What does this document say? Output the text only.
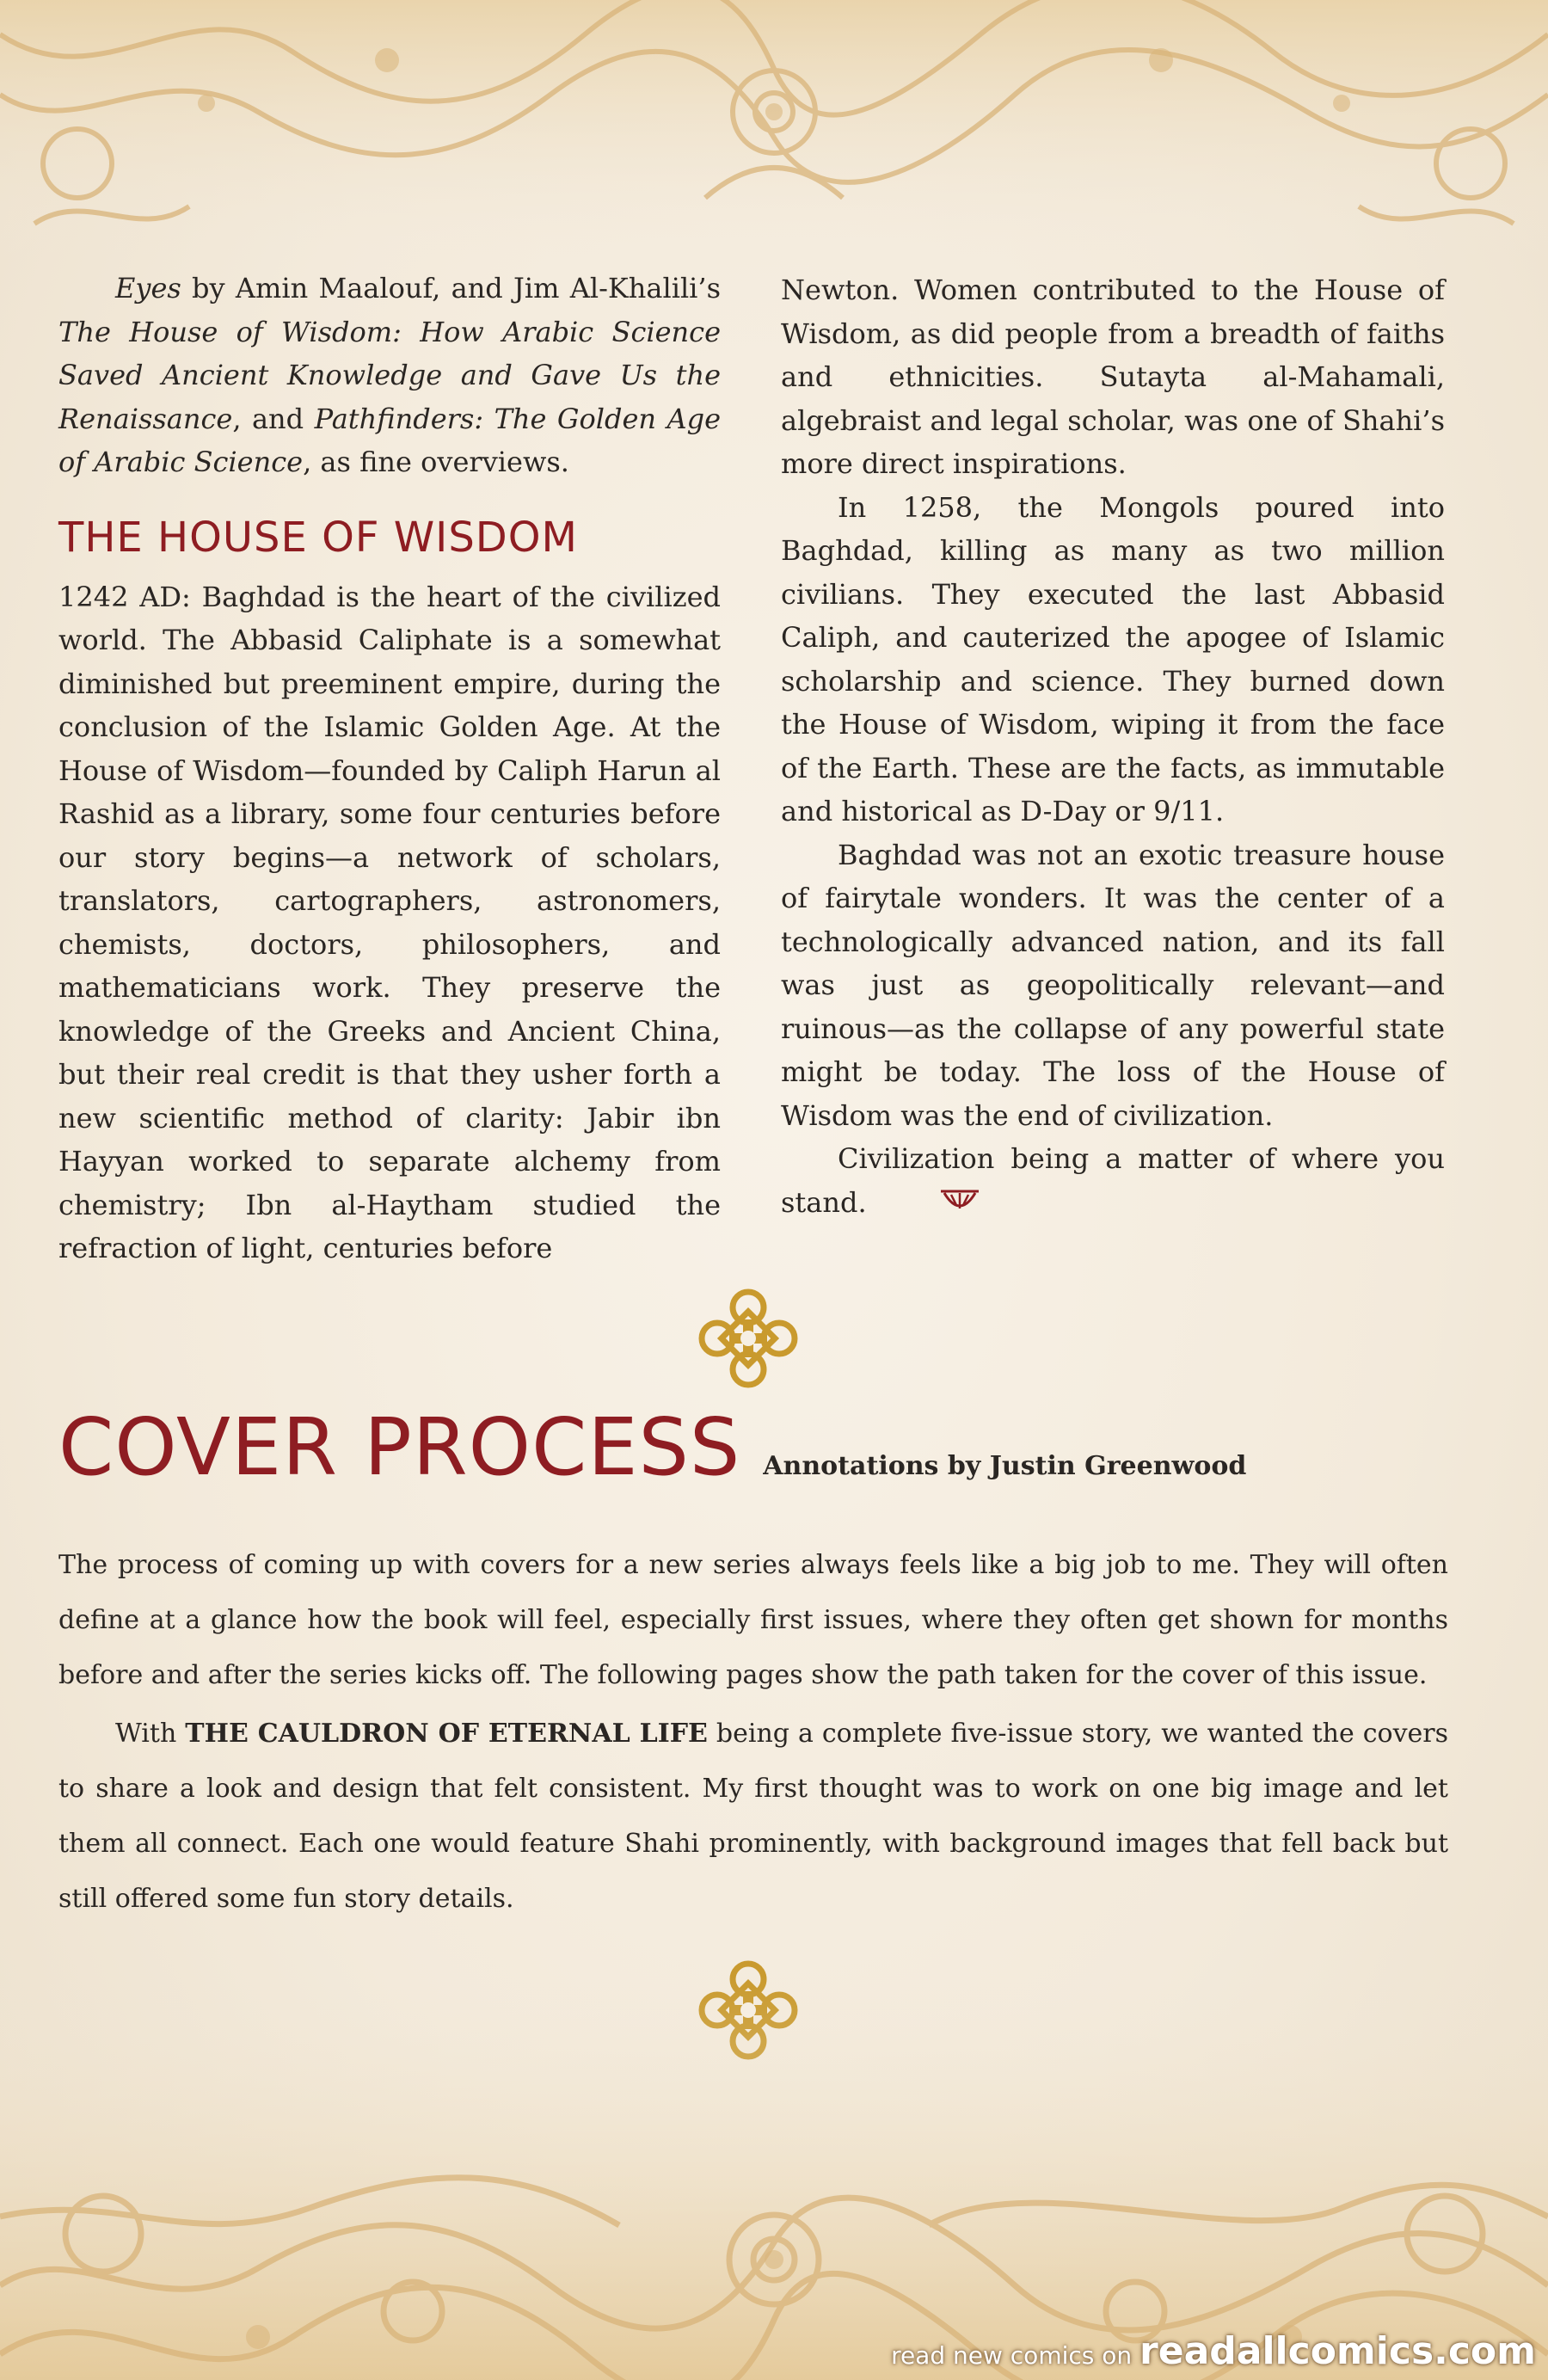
Eyes by Amin Maalouf, and Jim Al-Khalili’s The House of Wisdom: How Arabic Science Saved Ancient Knowledge and Gave Us the Renaissance, and Pathfinders: The Golden Age of Arabic Science, as fine overviews.

THE HOUSE OF WISDOM

1242 AD: Baghdad is the heart of the civilized world. The Abbasid Caliphate is a somewhat diminished but preeminent empire, during the conclusion of the Islamic Golden Age. At the House of Wisdom—founded by Caliph Harun al Rashid as a library, some four centuries before our story begins—a network of scholars, translators, cartographers, astronomers, chemists, doctors, philosophers, and mathematicians work. They preserve the knowledge of the Greeks and Ancient China, but their real credit is that they usher forth a new scientific method of clarity: Jabir ibn Hayyan worked to separate alchemy from chemistry; Ibn al-Haytham studied the refraction of light, centuries before

Newton. Women contributed to the House of Wisdom, as did people from a breadth of faiths and ethnicities. Sutayta al-Mahamali, algebraist and legal scholar, was one of Shahi’s more direct inspirations.

In 1258, the Mongols poured into Baghdad, killing as many as two million civilians. They executed the last Abbasid Caliph, and cauterized the apogee of Islamic scholarship and science. They burned down the House of Wisdom, wiping it from the face of the Earth. These are the facts, as immutable and historical as D-Day or 9/11.

Baghdad was not an exotic treasure house of fairytale wonders. It was the center of a technologically advanced nation, and its fall was just as geopolitically relevant—and ruinous—as the collapse of any powerful state might be today. The loss of the House of Wisdom was the end of civilization.

Civilization being a matter of where you stand.

COVER PROCESS Annotations by Justin Greenwood

The process of coming up with covers for a new series always feels like a big job to me. They will often define at a glance how the book will feel, especially first issues, where they often get shown for months before and after the series kicks off. The following pages show the path taken for the cover of this issue.

With THE CAULDRON OF ETERNAL LIFE being a complete five-issue story, we wanted the covers to share a look and design that felt consistent. My first thought was to work on one big image and let them all connect. Each one would feature Shahi prominently, with background images that fell back but still offered some fun story details.

read new comics on readallcomics.com
